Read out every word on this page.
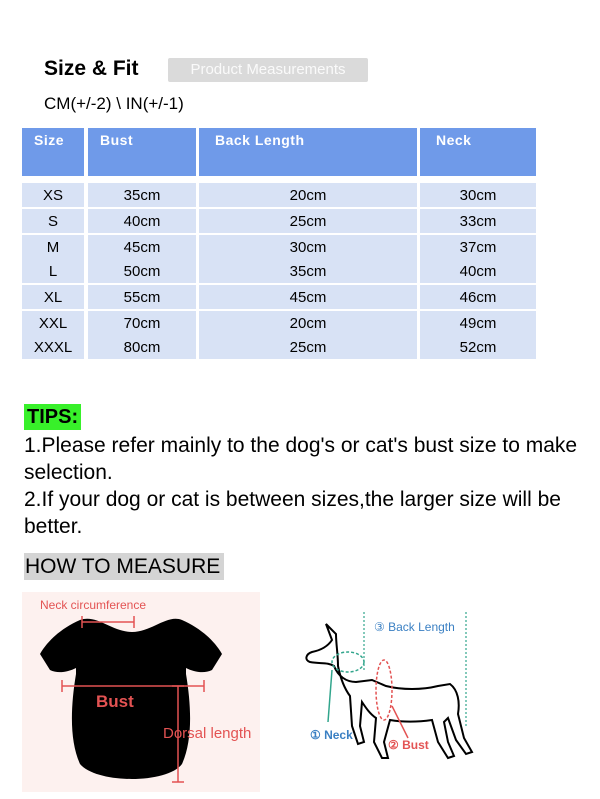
Size & Fit	Product Measurements
CM(+/-2) \ IN(+/-1)
Size	Bust	Back Length	Neck
XS	35cm	20cm	30cm
S	40cm	25cm	33cm
M	45cm	30cm	37cm
L	50cm	35cm	40cm
XL	55cm	45cm	46cm
XXL	70cm	20cm	49cm
XXXL	80cm	25cm	52cm
TIPS:
1.Please refer mainly to the dog's or cat's bust size to make selection.
2.If your dog or cat is between sizes,the larger size will be better.
HOW TO MEASURE
Neck circumference
Bust
Dorsal length
③ Back Length
① Neck
② Bust
